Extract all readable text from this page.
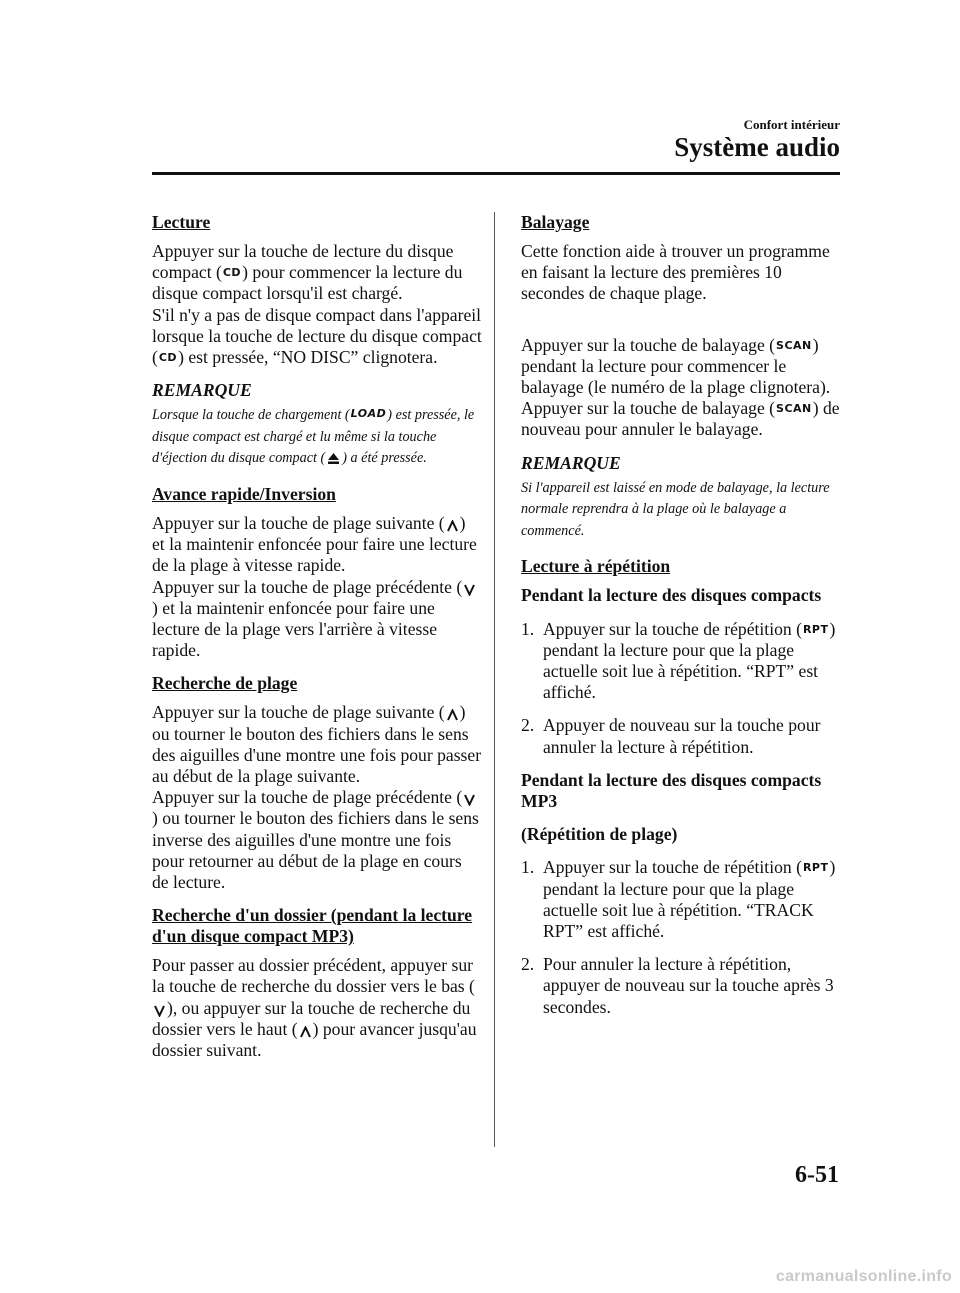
Confort intérieur
Système audio
Lecture

Appuyer sur la touche de lecture du disque compact (CD) pour commencer la lecture du disque compact lorsqu'il est chargé.
S'il n'y a pas de disque compact dans l'appareil lorsque la touche de lecture du disque compact (CD) est pressée, “NO DISC” clignotera.

REMARQUE
Lorsque la touche de chargement (LOAD) est pressée, le disque compact est chargé et lu même si la touche d'éjection du disque compact ( ) a été pressée.
Avance rapide/Inversion

Appuyer sur la touche de plage suivante ( ) et la maintenir enfoncée pour faire une lecture de la plage à vitesse rapide.
Appuyer sur la touche de plage précédente () et la maintenir enfoncée pour faire une lecture de la plage vers l'arrière à vitesse rapide.

Recherche de plage

Appuyer sur la touche de plage suivante ( ) ou tourner le bouton des fichiers dans le sens des aiguilles d'une montre une fois pour passer au début de la plage suivante.
Appuyer sur la touche de plage précédente () ou tourner le bouton des fichiers dans le sens inverse des aiguilles d'une montre une fois pour retourner au début de la plage en cours de lecture.

Recherche d'un dossier (pendant la lecture d'un disque compact MP3)

Pour passer au dossier précédent, appuyer sur la touche de recherche du dossier vers le bas (), ou appuyer sur la touche de recherche du dossier vers le haut ( ) pour avancer jusqu'au dossier suivant.

Balayage

Cette fonction aide à trouver un programme en faisant la lecture des premières 10 secondes de chaque plage.

Appuyer sur la touche de balayage (SCAN) pendant la lecture pour commencer le balayage (le numéro de la plage clignotera).
Appuyer sur la touche de balayage (SCAN) de nouveau pour annuler le balayage.

REMARQUE
Si l'appareil est laissé en mode de balayage, la lecture normale reprendra à la plage où le balayage a commencé.
Lecture à répétition
Pendant la lecture des disques compacts
1. Appuyer sur la touche de répétition (RPT) pendant la lecture pour que la plage actuelle soit lue à répétition. “RPT” est affiché.
2. Appuyer de nouveau sur la touche pour annuler la lecture à répétition.
Pendant la lecture des disques compacts MP3
(Répétition de plage)
1. Appuyer sur la touche de répétition (RPT) pendant la lecture pour que la plage actuelle soit lue à répétition. “TRACK RPT” est affiché.
2. Pour annuler la lecture à répétition, appuyer de nouveau sur la touche après 3 secondes.
6-51
carmanualsonline.info
